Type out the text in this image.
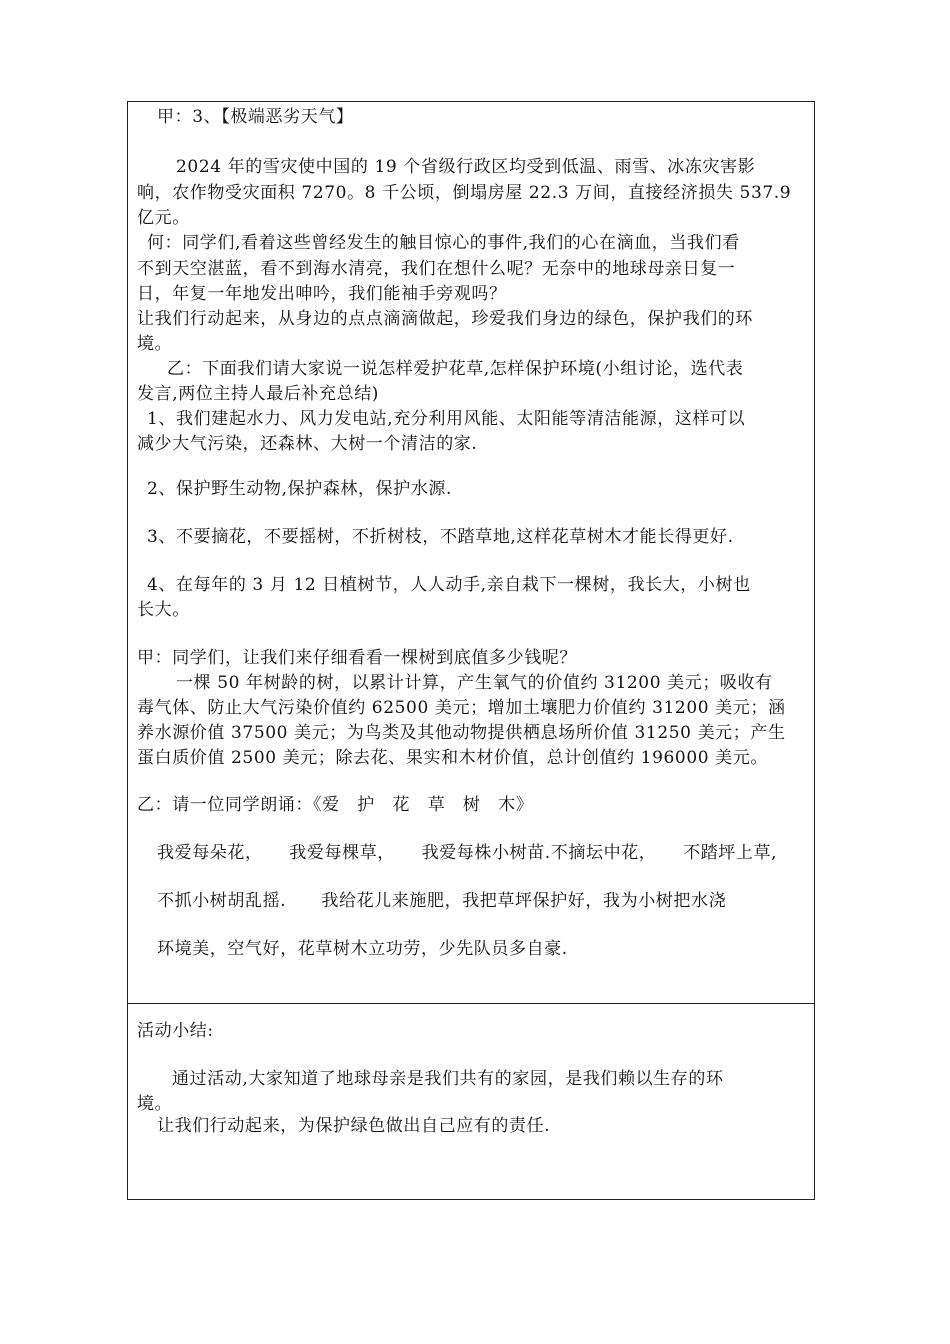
甲：3、【极端恶劣天气】
2024 年的雪灾使中国的 19 个省级行政区均受到低温、雨雪、冰冻灾害影
响，农作物受灾面积 7270。8 千公顷，倒塌房屋 22.3 万间，直接经济损失 537.9
亿元。
何：同学们,看着这些曾经发生的触目惊心的事件,我们的心在滴血，当我们看
不到天空湛蓝，看不到海水清亮，我们在想什么呢？无奈中的地球母亲日复一
日，年复一年地发出呻吟，我们能袖手旁观吗？
让我们行动起来，从身边的点点滴滴做起，珍爱我们身边的绿色，保护我们的环
境。
乙：下面我们请大家说一说怎样爱护花草,怎样保护环境(小组讨论，选代表
发言,两位主持人最后补充总结)
1、我们建起水力、风力发电站,充分利用风能、太阳能等清洁能源，这样可以
减少大气污染，还森林、大树一个清洁的家.
2、保护野生动物,保护森林，保护水源.
3、不要摘花，不要摇树，不折树枝，不踏草地,这样花草树木才能长得更好.
4、在每年的 3 月 12 日植树节，人人动手,亲自栽下一棵树，我长大，小树也
长大。
甲：同学们，让我们来仔细看看一棵树到底值多少钱呢？
一棵 50 年树龄的树，以累计计算，产生氧气的价值约 31200 美元；吸收有
毒气体、防止大气污染价值约 62500 美元；增加土壤肥力价值约 31200 美元；涵
养水源价值 37500 美元；为鸟类及其他动物提供栖息场所价值 31250 美元；产生
蛋白质价值 2500 美元；除去花、果实和木材价值，总计创值约 196000 美元。
乙：请一位同学朗诵：《爱　护　花　草　树　木》
我爱每朵花，　　我爱每棵草，　　我爱每株小树苗.不摘坛中花，　　不踏坪上草,
不抓小树胡乱摇.　　我给花儿来施肥，我把草坪保护好，我为小树把水浇
环境美，空气好，花草树木立功劳，少先队员多自豪.
活动小结:
通过活动,大家知道了地球母亲是我们共有的家园，是我们赖以生存的环
境。
让我们行动起来，为保护绿色做出自己应有的责任.
